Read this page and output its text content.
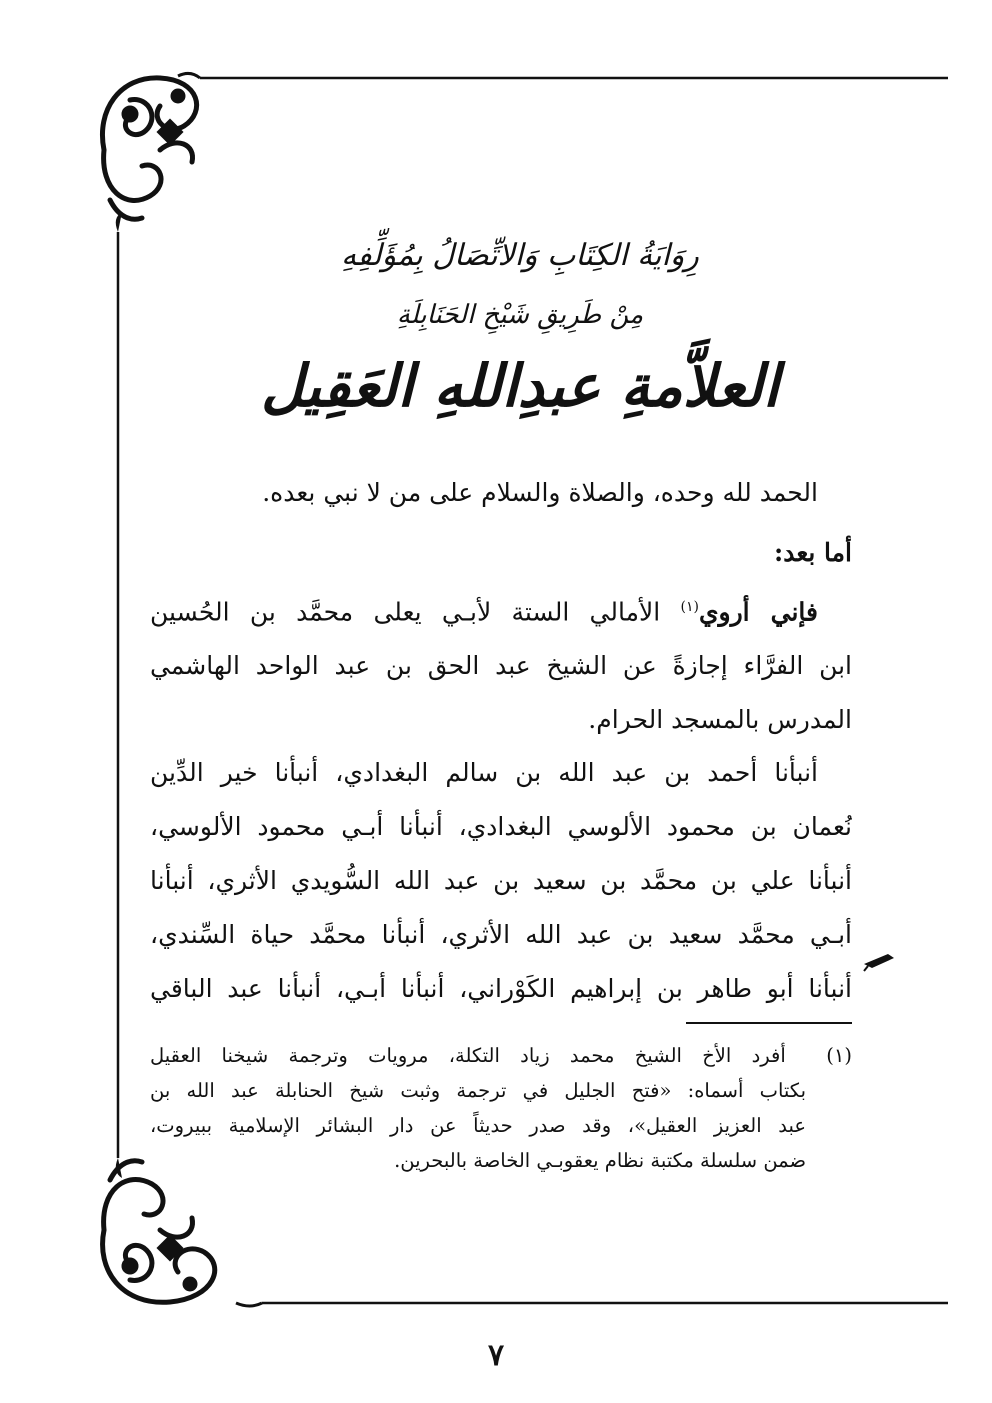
رِوَايَةُ الكِتَابِ وَالاتِّصَالُ بِمُؤَلِّفِهِ
مِنْ طَرِيقِ شَيْخِ الحَنَابِلَةِ
العلاَّمةِ عبدِاللهِ العَقِيل
الحمد لله وحده، والصلاة والسلام على من لا نبي بعده.
أما بعد:
فإني أروي$^{(١)}$ الأمالي الستة لأبـي يعلى محمَّد بن الحُسين
ابن الفرَّاء إجازةً عن الشيخ عبد الحق بن عبد الواحد الهاشمي
المدرس بالمسجد الحرام.
أنبأنا أحمد بن عبد الله بن سالم البغدادي، أنبأنا خير الدِّين
نُعمان بن محمود الألوسي البغدادي، أنبأنا أبـي محمود الألوسي،
أنبأنا علي بن محمَّد بن سعيد بن عبد الله السُّويدي الأثري، أنبأنا
أبـي محمَّد سعيد بن عبد الله الأثري، أنبأنا محمَّد حياة السِّندي،
أنبأنا أبو طاهر بن إبراهيم الكَوْراني، أنبأنا أبـي، أنبأنا عبد الباقي
(١)  أفرد الأخ الشيخ محمد زياد التكلة، مرويات وترجمة شيخنا العقيل
بكتاب أسماه: «فتح الجليل في ترجمة وثبت شيخ الحنابلة عبد الله بن
عبد العزيز العقيل»، وقد صدر حديثاً عن دار البشائر الإسلامية ببيروت،
ضمن سلسلة مكتبة نظام يعقوبـي الخاصة بالبحرين.
٧
